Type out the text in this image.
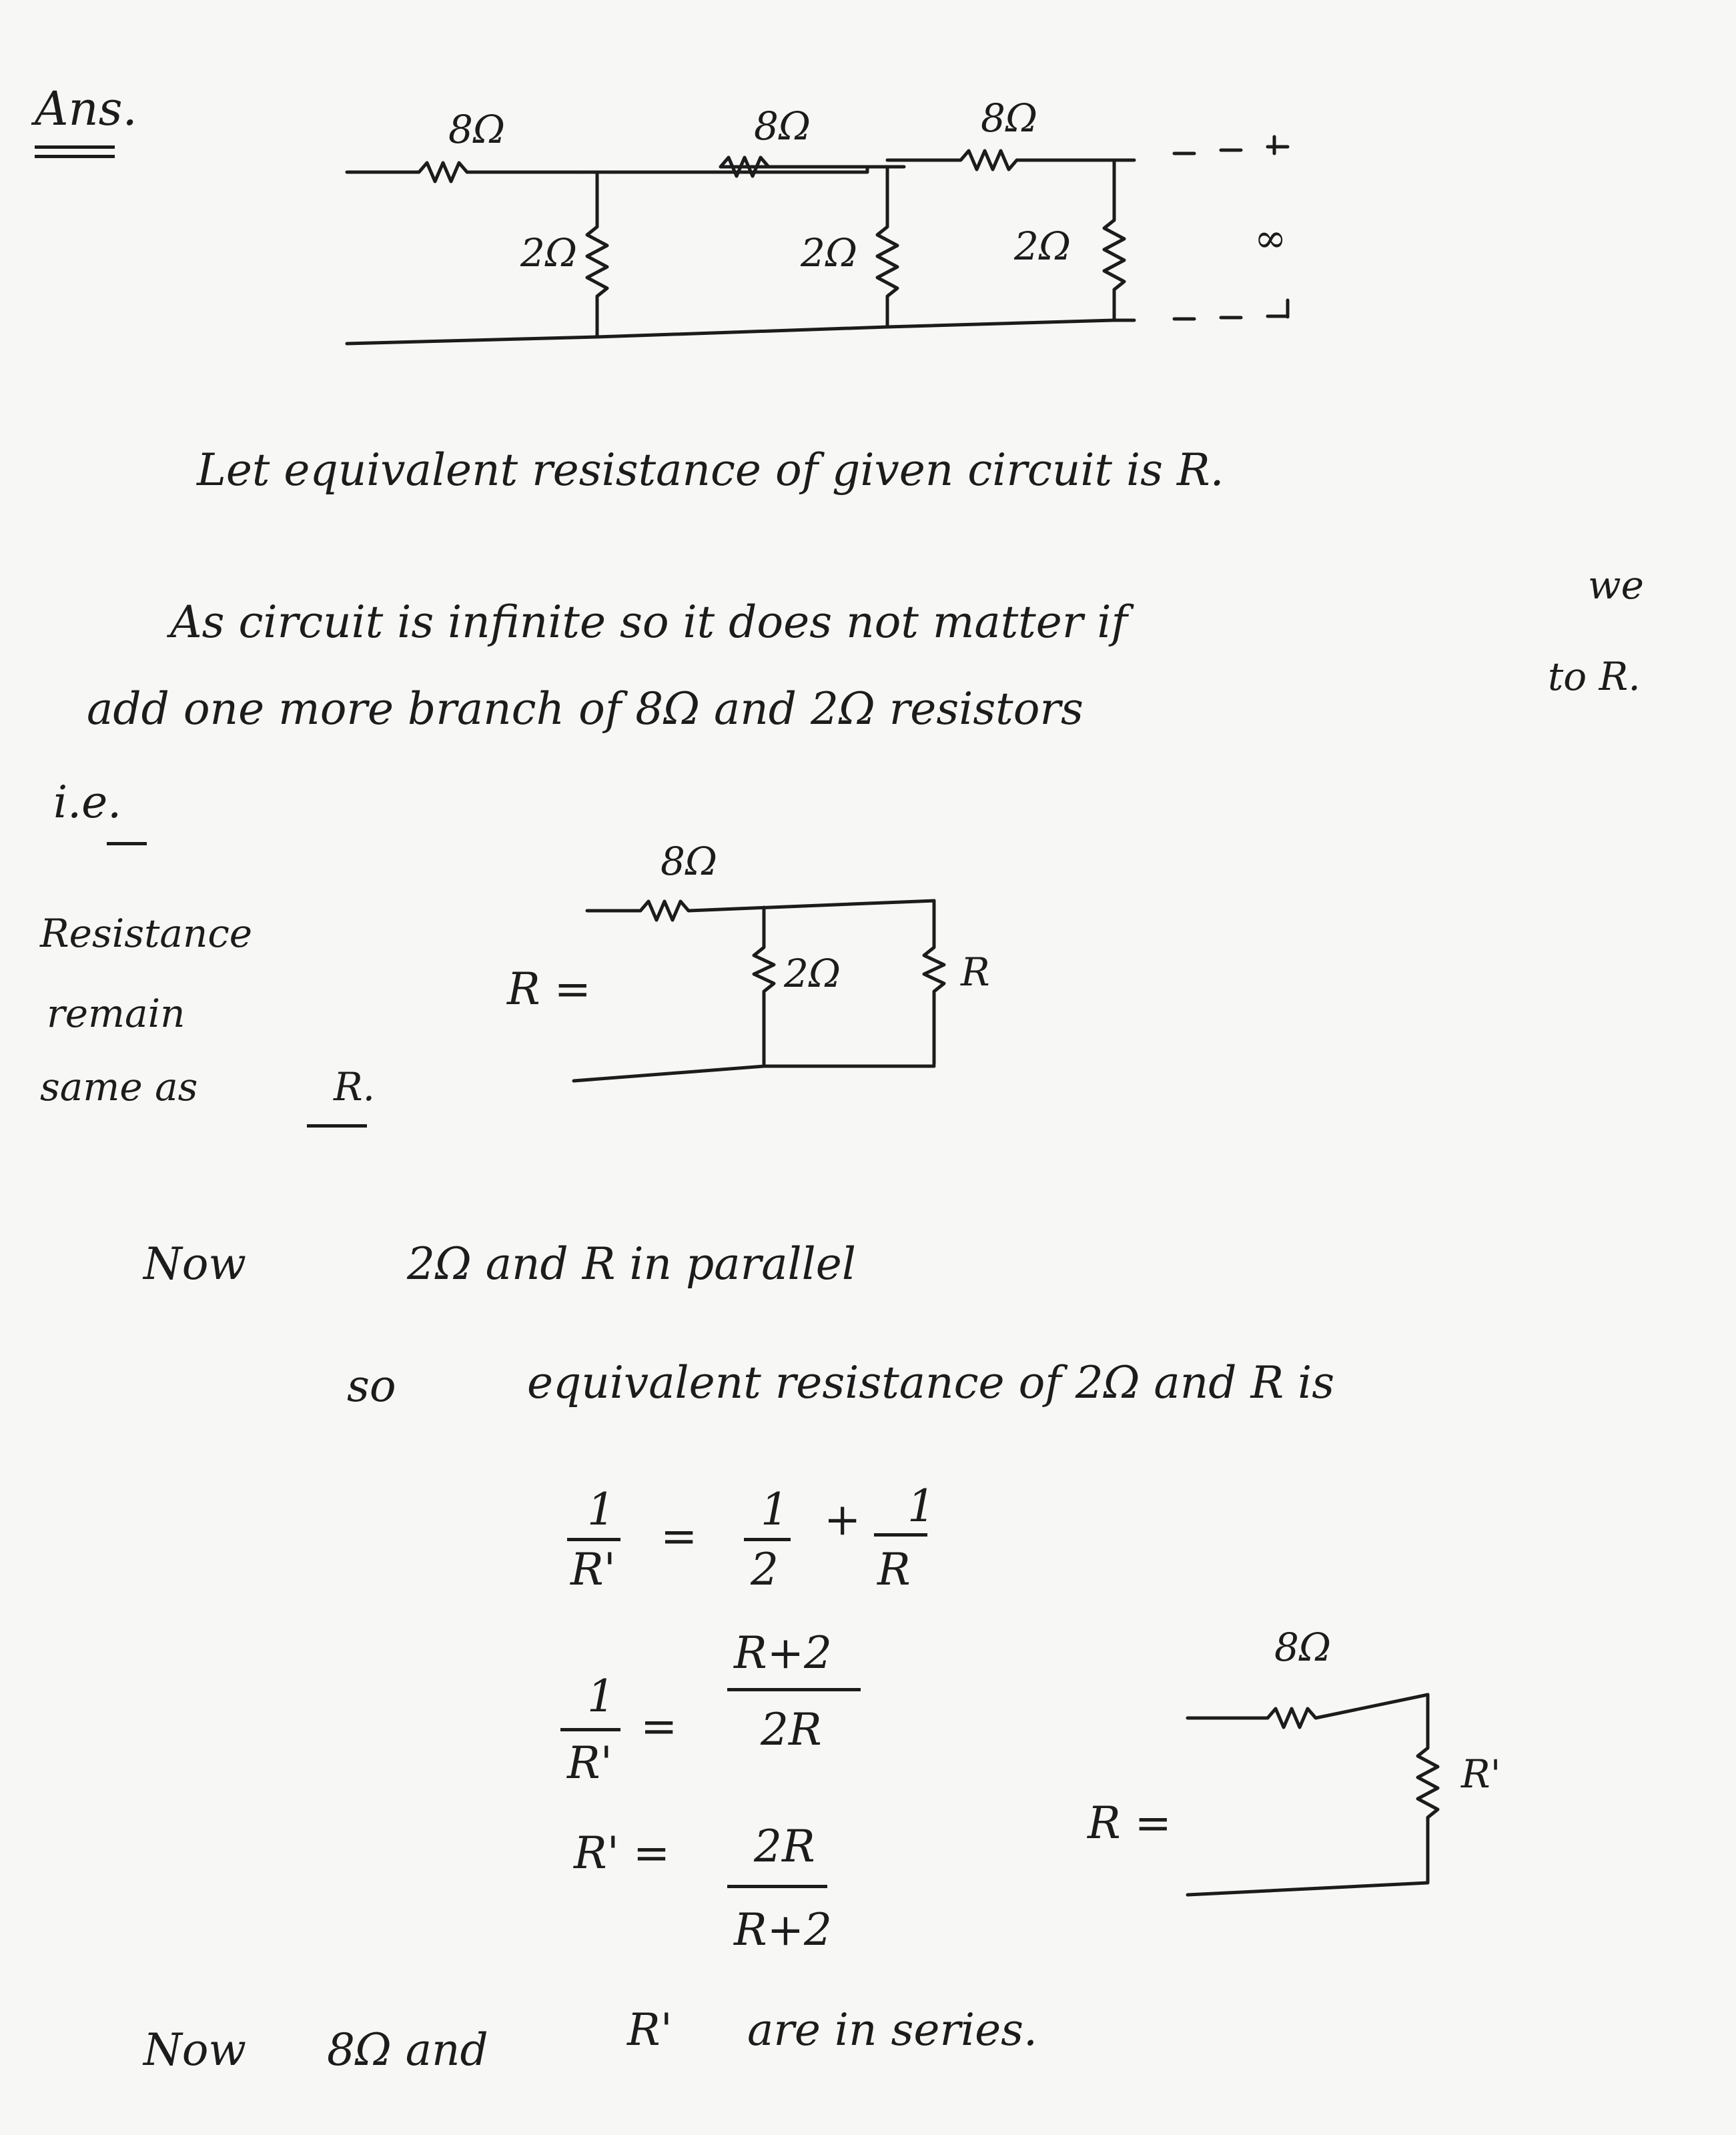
Ans.	8Ω	8Ω	8Ω
2Ω	2Ω	2Ω	∞
Let equivalent resistance of given circuit is R.
As circuit is infinite so it does not matter if
we
add one more branch of 8Ω and 2Ω resistors
to R.
i.e.
8Ω
2Ω	R
R =
Resistance
remain
same as	R.
Now	2Ω and R in parallel
so	equivalent resistance of 2Ω and R is
1
R'
=
1
2
+ 1
R
1
R'
=
R+2
2R
R' = 2R
R+2
8Ω
R'
R =
Now 8Ω and	R' are in series.
